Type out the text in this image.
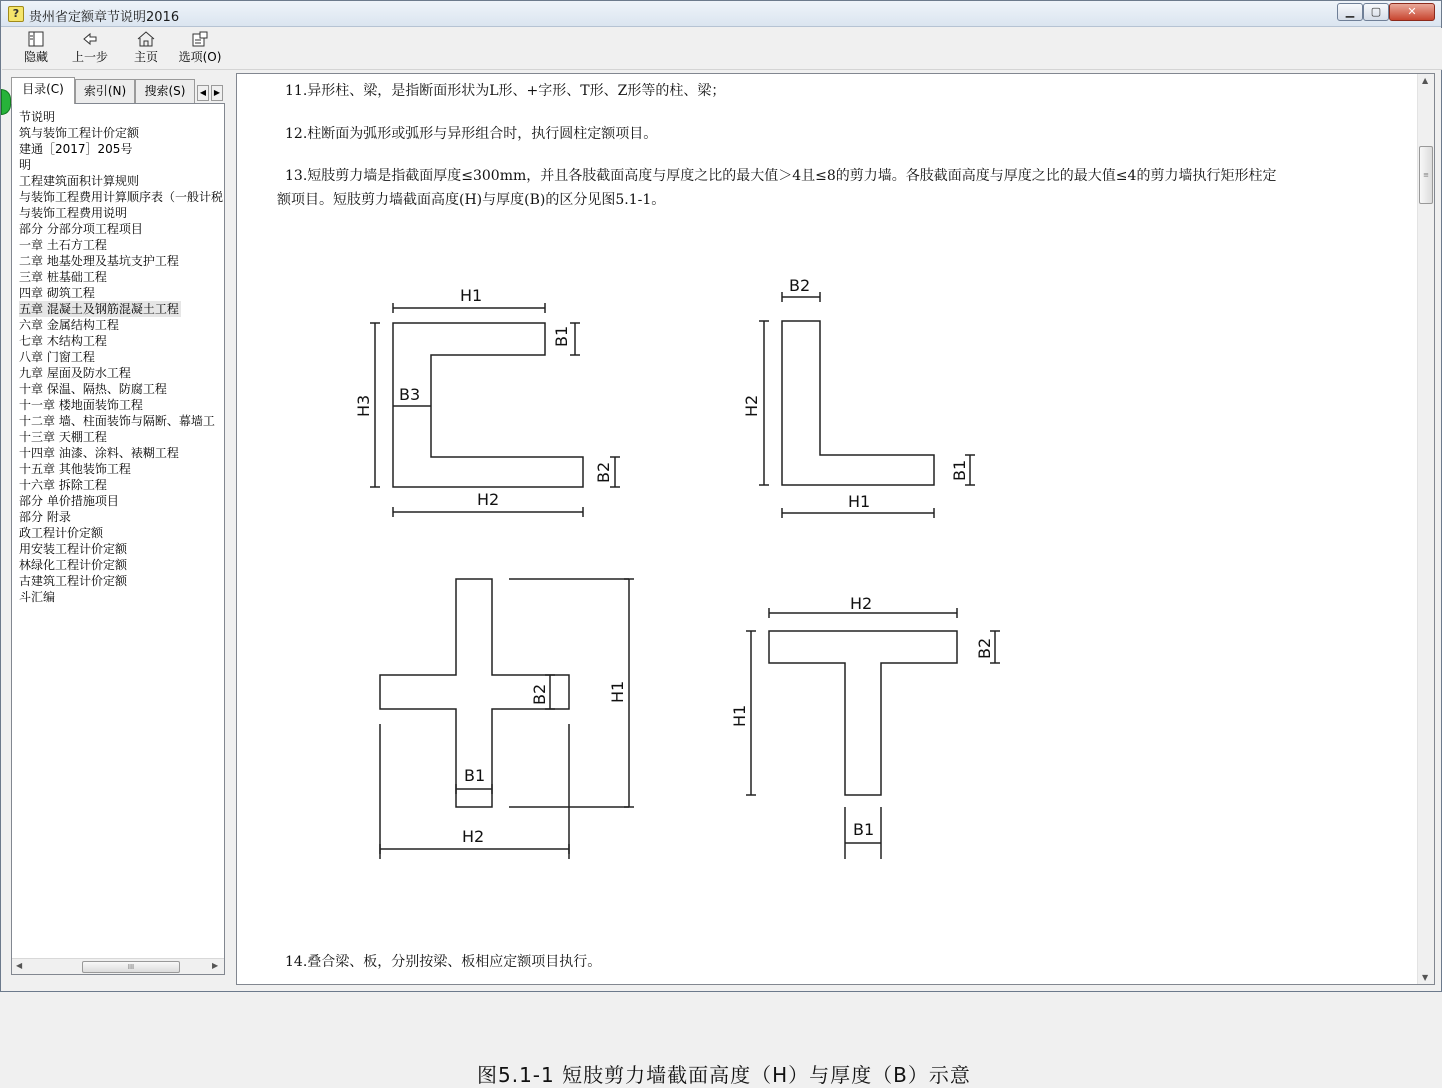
? 贵州省定额章节说明2016	▁	▢	✕
隐藏	上一步	主页	选项(O)
目录(C)	索引(N)	搜索(S)	◀ ▶
节说明
筑与装饰工程计价定额
建通［2017］205号
明
工程建筑面积计算规则
与装饰工程费用计算顺序表（一般计税
与装饰工程费用说明
部分 分部分项工程项目
一章 土石方工程
二章 地基处理及基坑支护工程
三章 桩基础工程
四章 砌筑工程
五章 混凝土及钢筋混凝土工程
六章 金属结构工程
七章 木结构工程
八章 门窗工程
九章 屋面及防水工程
十章 保温、隔热、防腐工程
十一章 楼地面装饰工程
十二章 墙、柱面装饰与隔断、幕墙工
十三章 天棚工程
十四章 油漆、涂料、裱糊工程
十五章 其他装饰工程
十六章 拆除工程
部分 单价措施项目
部分 附录
政工程计价定额
用安装工程计价定额
林绿化工程计价定额
古建筑工程计价定额
斗汇编
◀	III	▶
11.异形柱、梁，是指断面形状为L形、+字形、T形、Z形等的柱、梁；
12.柱断面为弧形或弧形与异形组合时，执行圆柱定额项目。
13.短肢剪力墙是指截面厚度≤300mm，并且各肢截面高度与厚度之比的最大值＞4且≤8的剪力墙。各肢截面高度与厚度之比的最大值≤4的剪力墙执行矩形柱定
额项目。短肢剪力墙截面高度(H)与厚度(B)的区分见图5.1-1。
H1
B1
H3
B3
B2
H2
B2
H2
B1
H1
H1
B2
B1
H2
H2
B2
H1
B1
图5.1-1 短肢剪力墙截面高度（H）与厚度（B）示意
14.叠合梁、板，分别按梁、板相应定额项目执行。
▲
≡
▼
